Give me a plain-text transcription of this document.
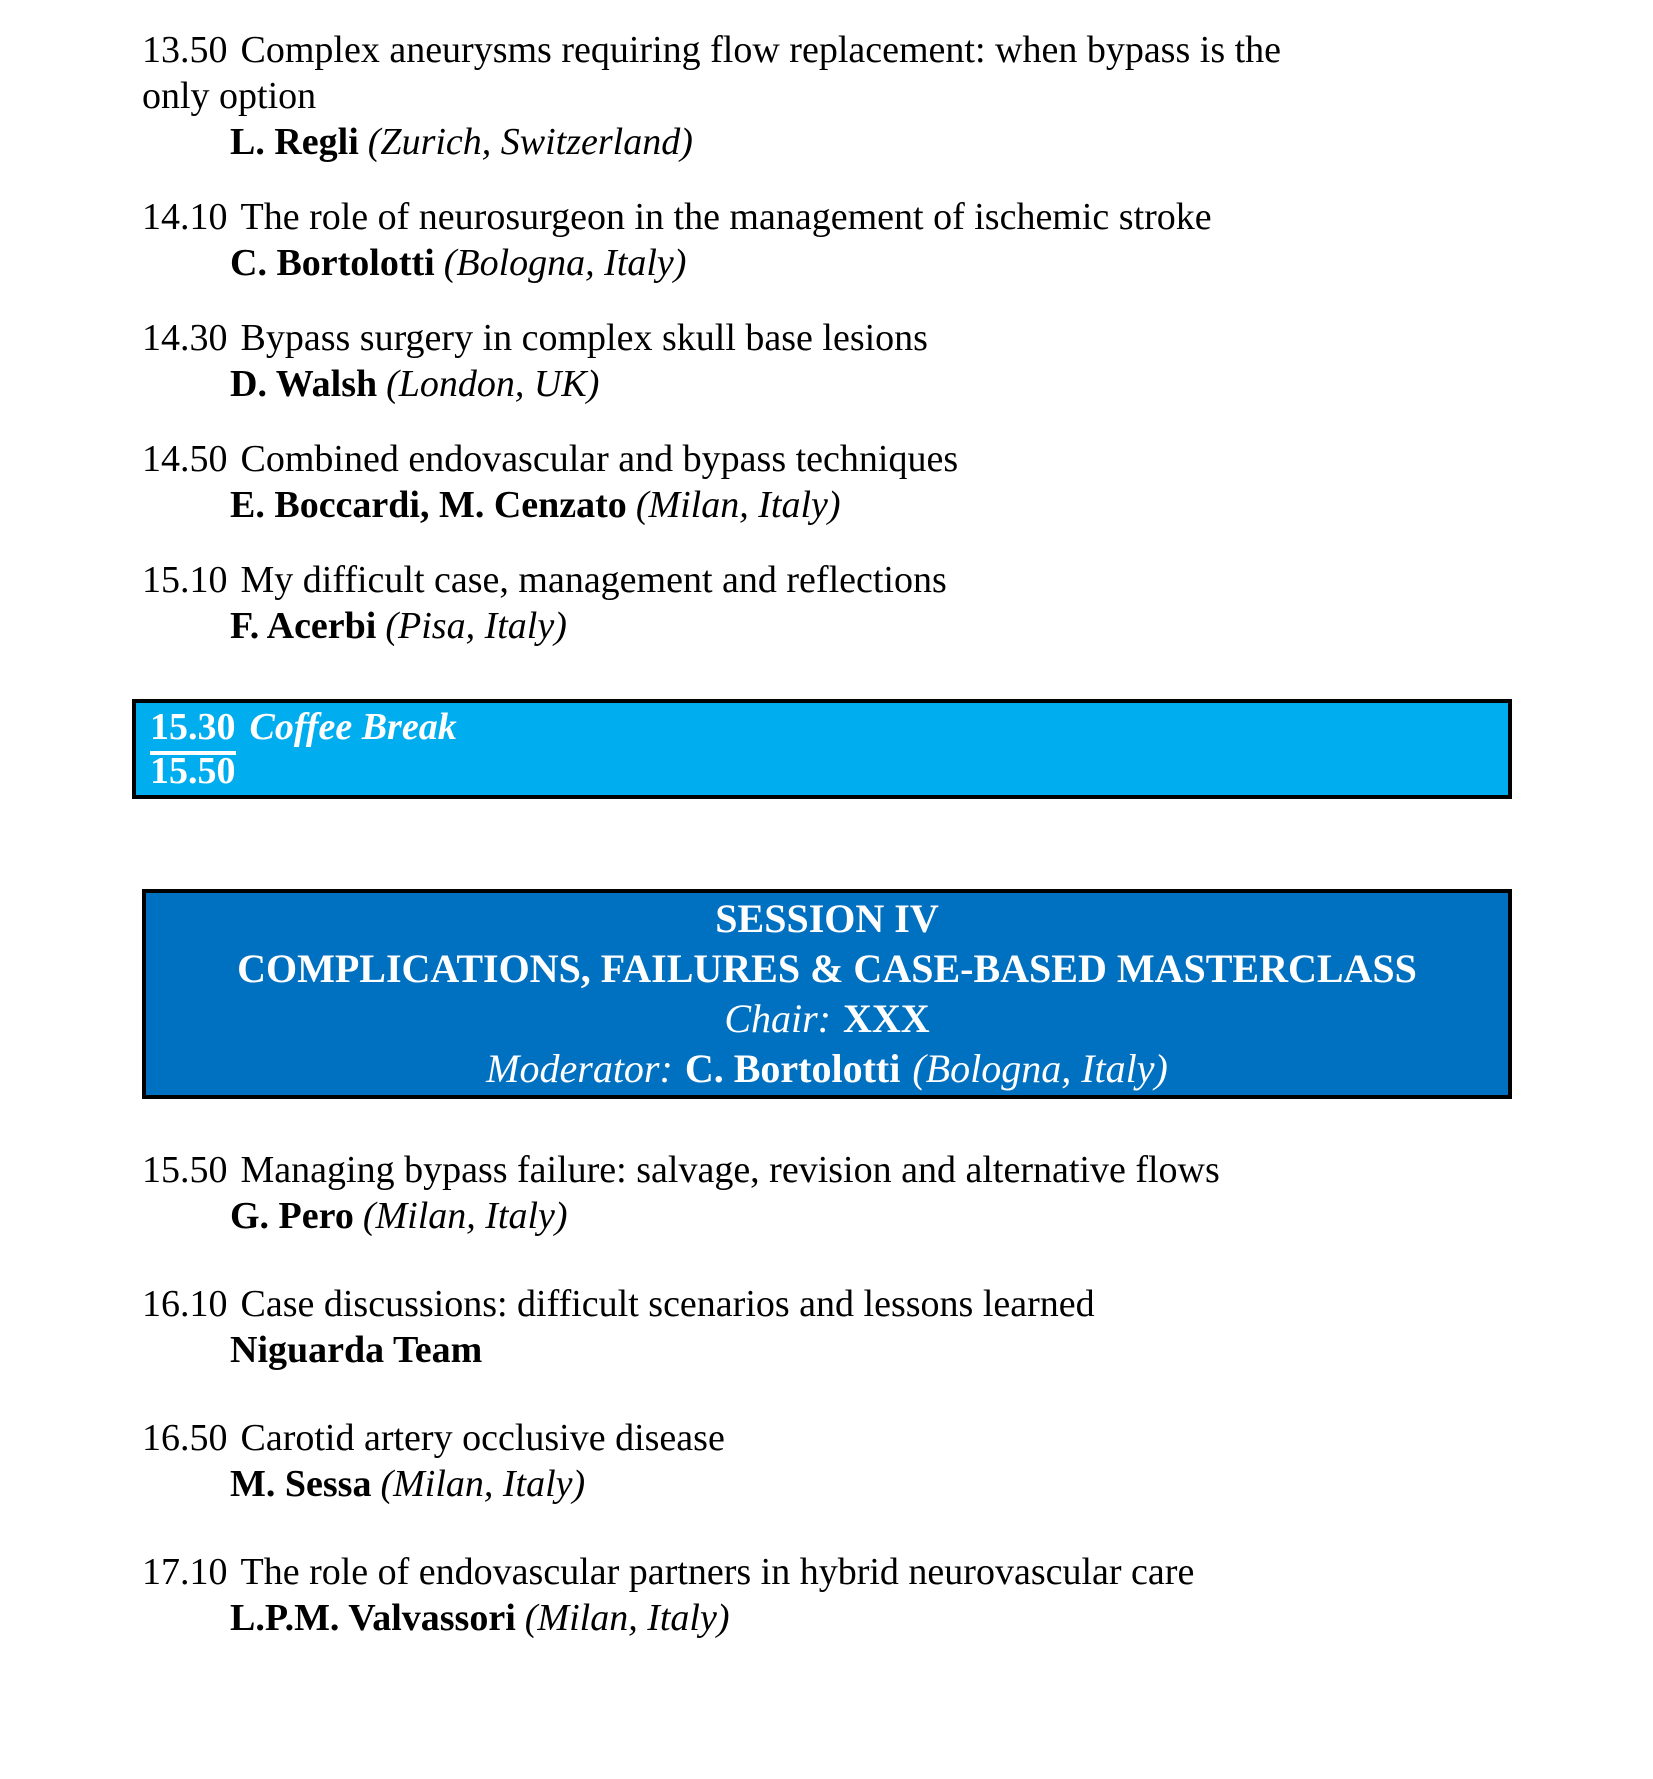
13.50 Complex aneurysms requiring flow replacement: when bypass is the only option

L. Regli (Zurich, Switzerland)

14.10 The role of neurosurgeon in the management of ischemic stroke

C. Bortolotti (Bologna, Italy)

14.30 Bypass surgery in complex skull base lesions

D. Walsh (London, UK)

14.50 Combined endovascular and bypass techniques

E. Boccardi, M. Cenzato (Milan, Italy)

15.10 My difficult case, management and reflections

F. Acerbi (Pisa, Italy)

15.30 Coffee Break

15.50

SESSION IV

COMPLICATIONS, FAILURES & CASE-BASED MASTERCLASS

Chair: XXX

Moderator: C. Bortolotti (Bologna, Italy)

15.50 Managing bypass failure: salvage, revision and alternative flows

G. Pero (Milan, Italy)

16.10 Case discussions: difficult scenarios and lessons learned

Niguarda Team

16.50 Carotid artery occlusive disease

M. Sessa (Milan, Italy)

17.10 The role of endovascular partners in hybrid neurovascular care

L.P.M. Valvassori (Milan, Italy)
